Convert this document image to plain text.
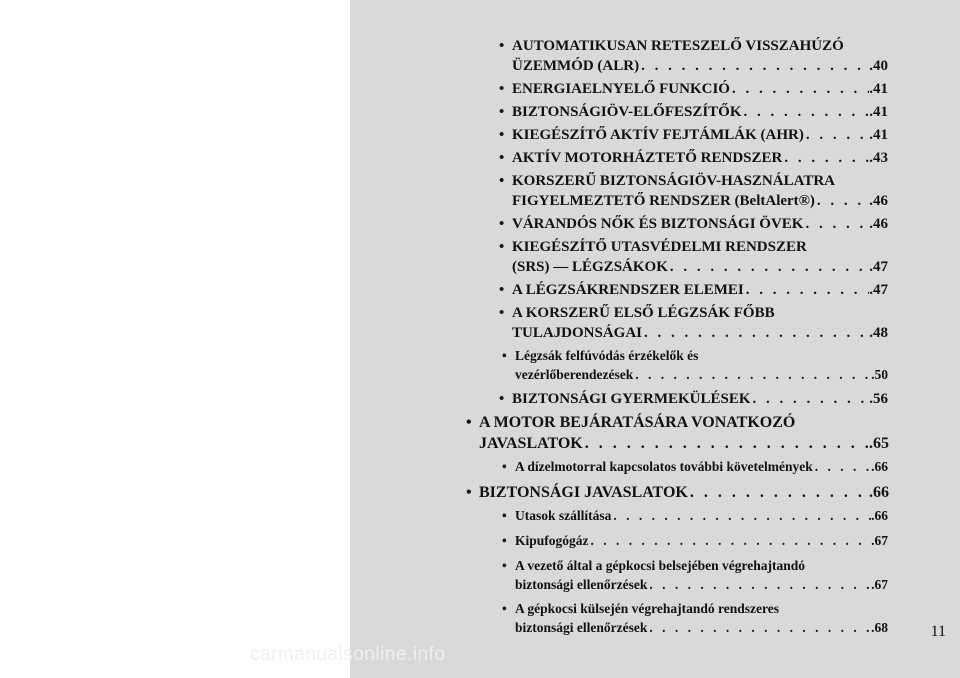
• AUTOMATIKUSAN RETESZELŐ VISSZAHÚZÓ
ÜZEMMÓD (ALR) . . .	.40
• ENERGIAELNYELŐ FUNKCIÓ . . .	.41
• BIZTONSÁGIÖV-ELŐFESZÍTŐK . . .	.41
• KIEGÉSZÍTŐ AKTÍV FEJTÁMLÁK (AHR) . . .	.41
• AKTÍV MOTORHÁZTETŐ RENDSZER . . .	.43
• KORSZERŰ BIZTONSÁGIÖV-HASZNÁLATRA
FIGYELMEZTETŐ RENDSZER (BeltAlert®) . . .	.46
• VÁRANDÓS NŐK ÉS BIZTONSÁGI ÖVEK . . .	.46
• KIEGÉSZÍTŐ UTASVÉDELMI RENDSZER
(SRS) — LÉGZSÁKOK . . .	.47
• A LÉGZSÁKRENDSZER ELEMEI . . .	.47
• A KORSZERŰ ELSŐ LÉGZSÁK FŐBB
TULAJDONSÁGAI . . .	.48
• Légzsák felfúvódás érzékelők és
vezérlőberendezések . . .	.50
• BIZTONSÁGI GYERMEKÜLÉSEK . . .	.56
• A MOTOR BEJÁRATÁSÁRA VONATKOZÓ
JAVASLATOK . . .	.65
• A dízelmotorral kapcsolatos további követelmények . . .	.66
• BIZTONSÁGI JAVASLATOK . . .	.66
• Utasok szállítása . . .	.66
• Kipufogógáz . . .	.67
• A vezető által a gépkocsi belsejében végrehajtandó
biztonsági ellenőrzések . . .	.67
• A gépkocsi külsején végrehajtandó rendszeres
biztonsági ellenőrzések . . .	.68	11
carmanualsonline.info
